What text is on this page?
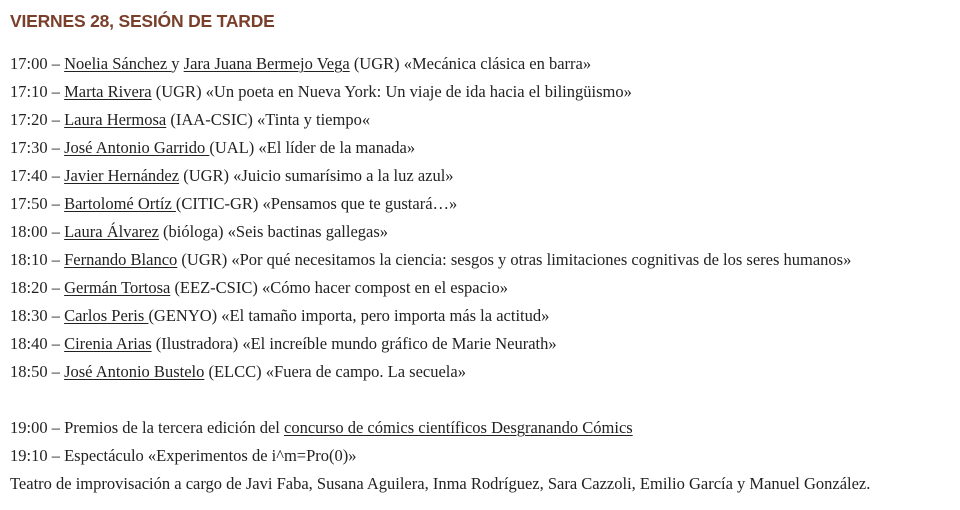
VIERNES 28, SESIÓN DE TARDE
17:00 – Noelia Sánchez y Jara Juana Bermejo Vega (UGR) «Mecánica clásica en barra»
17:10 – Marta Rivera (UGR) «Un poeta en Nueva York: Un viaje de ida hacia el bilingüismo»
17:20 – Laura Hermosa (IAA-CSIC) «Tinta y tiempo«
17:30 – José Antonio Garrido (UAL) «El líder de la manada»
17:40 – Javier Hernández (UGR) «Juicio sumarísimo a la luz azul»
17:50 – Bartolomé Ortíz (CITIC-GR) «Pensamos que te gustará…»
18:00 – Laura Álvarez (bióloga) «Seis bactinas gallegas»
18:10 – Fernando Blanco (UGR) «Por qué necesitamos la ciencia: sesgos y otras limitaciones cognitivas de los seres humanos»
18:20 – Germán Tortosa (EEZ-CSIC) «Cómo hacer compost en el espacio»
18:30 – Carlos Peris (GENYO) «El tamaño importa, pero importa más la actitud»
18:40 – Cirenia Arias (Ilustradora) «El increíble mundo gráfico de Marie Neurath»
18:50 – José Antonio Bustelo (ELCC) «Fuera de campo. La secuela»
19:00 – Premios de la tercera edición del concurso de cómics científicos Desgranando Cómics
19:10 – Espectáculo «Experimentos de i^m=Pro(0)»
Teatro de improvisación a cargo de Javi Faba, Susana Aguilera, Inma Rodríguez, Sara Cazzoli, Emilio García y Manuel González.
